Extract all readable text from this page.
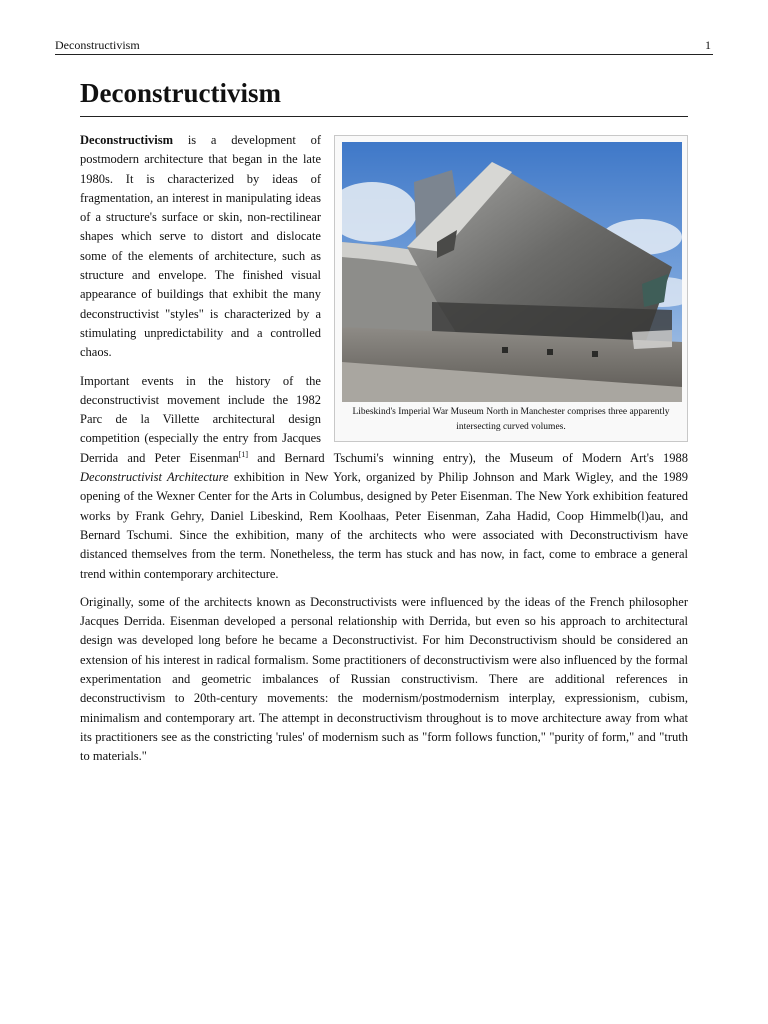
Deconstructivism	1
Deconstructivism
Libeskind's Imperial War Museum North in Manchester comprises three apparently intersecting curved volumes.

Deconstructivism is a development of postmodern architecture that began in the late 1980s. It is characterized by ideas of fragmentation, an interest in manipulating ideas of a structure's surface or skin, non-rectilinear shapes which serve to distort and dislocate some of the elements of architecture, such as structure and envelope. The finished visual appearance of buildings that exhibit the many deconstructivist "styles" is characterized by a stimulating unpredictability and a controlled chaos.

Important events in the history of the deconstructivist movement include the 1982 Parc de la Villette architectural design competition (especially the entry from Jacques Derrida and Peter Eisenman[1] and Bernard Tschumi's winning entry), the Museum of Modern Art's 1988 Deconstructivist Architecture exhibition in New York, organized by Philip Johnson and Mark Wigley, and the 1989 opening of the Wexner Center for the Arts in Columbus, designed by Peter Eisenman. The New York exhibition featured works by Frank Gehry, Daniel Libeskind, Rem Koolhaas, Peter Eisenman, Zaha Hadid, Coop Himmelb(l)au, and Bernard Tschumi. Since the exhibition, many of the architects who were associated with Deconstructivism have distanced themselves from the term. Nonetheless, the term has stuck and has now, in fact, come to embrace a general trend within contemporary architecture.

Originally, some of the architects known as Deconstructivists were influenced by the ideas of the French philosopher Jacques Derrida. Eisenman developed a personal relationship with Derrida, but even so his approach to architectural design was developed long before he became a Deconstructivist. For him Deconstructivism should be considered an extension of his interest in radical formalism. Some practitioners of deconstructivism were also influenced by the formal experimentation and geometric imbalances of Russian constructivism. There are additional references in deconstructivism to 20th-century movements: the modernism/postmodernism interplay, expressionism, cubism, minimalism and contemporary art. The attempt in deconstructivism throughout is to move architecture away from what its practitioners see as the constricting 'rules' of modernism such as "form follows function," "purity of form," and "truth to materials."
